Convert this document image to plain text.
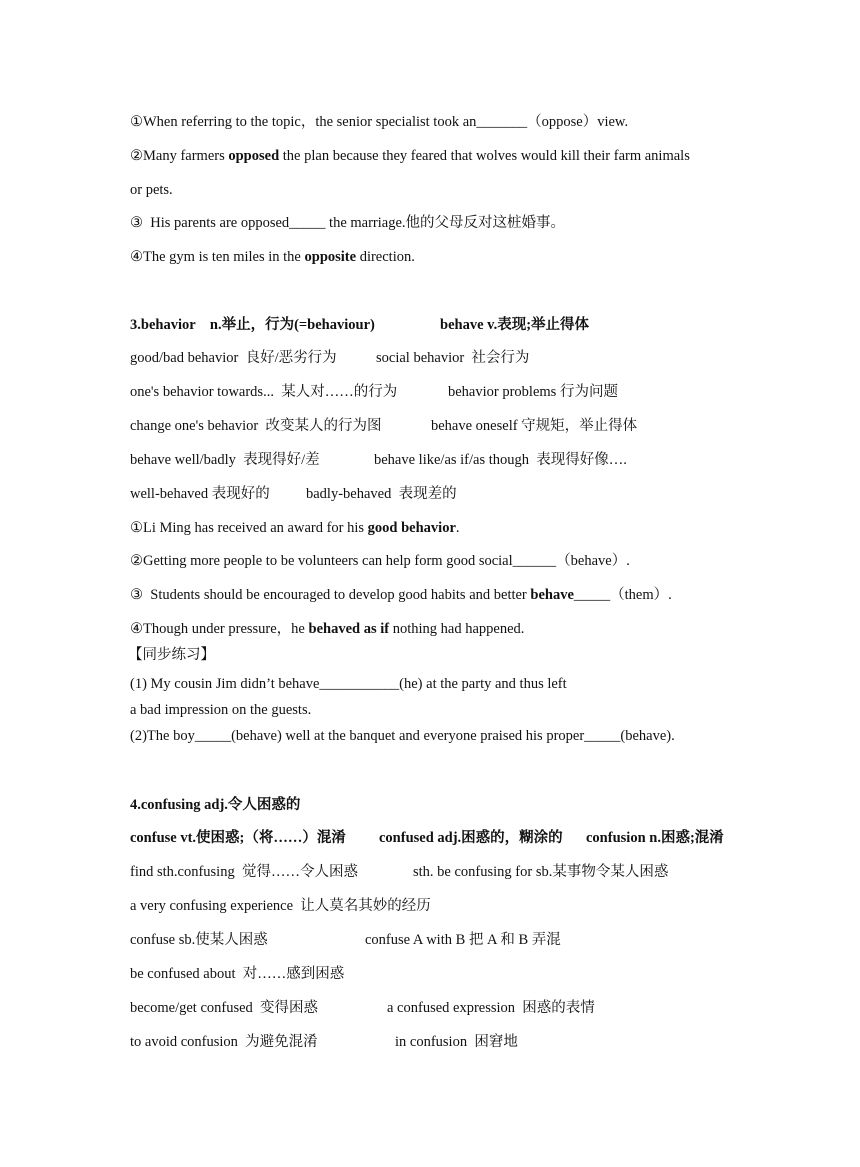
①When referring to the topic，the senior specialist took an_______（oppose）view.
②Many farmers opposed the plan because they feared that wolves would kill their farm animals
or pets.
③  His parents are opposed_____ the marriage.他的父母反对这桩婚事。
④The gym is ten miles in the opposite direction.
3.behavior    n.举止，行为(=behaviour)	behave v.表现;举止得体
good/bad behavior  良好/恶劣行为	social behavior  社会行为
one's behavior towards...  某人对……的行为	behavior problems 行为问题
change one's behavior  改变某人的行为图	behave oneself 守规矩，举止得体
behave well/badly  表现得好/差	behave like/as if/as though  表现得好像….
well-behaved 表现好的	badly-behaved  表现差的
①Li Ming has received an award for his good behavior.
②Getting more people to be volunteers can help form good social______（behave）.
③  Students should be encouraged to develop good habits and better behave_____（them）.
④Though under pressure，he behaved as if nothing had happened.
【同步练习】
(1) My cousin Jim didn’t behave___________(he) at the party and thus left
a bad impression on the guests.
(2)The boy_____(behave) well at the banquet and everyone praised his proper_____(behave).
4.confusing adj.令人困惑的
confuse vt.使困惑;（将……）混淆 confused adj.困惑的，糊涂的 confusion n.困惑;混淆
find sth.confusing  觉得……令人困惑	sth. be confusing for sb.某事物令某人困惑
a very confusing experience  让人莫名其妙的经历
confuse sb.使某人困惑	confuse A with B 把 A 和 B 弄混
be confused about  对……感到困惑
become/get confused  变得困惑	a confused expression  困惑的表情
to avoid confusion  为避免混淆	in confusion  困窘地
